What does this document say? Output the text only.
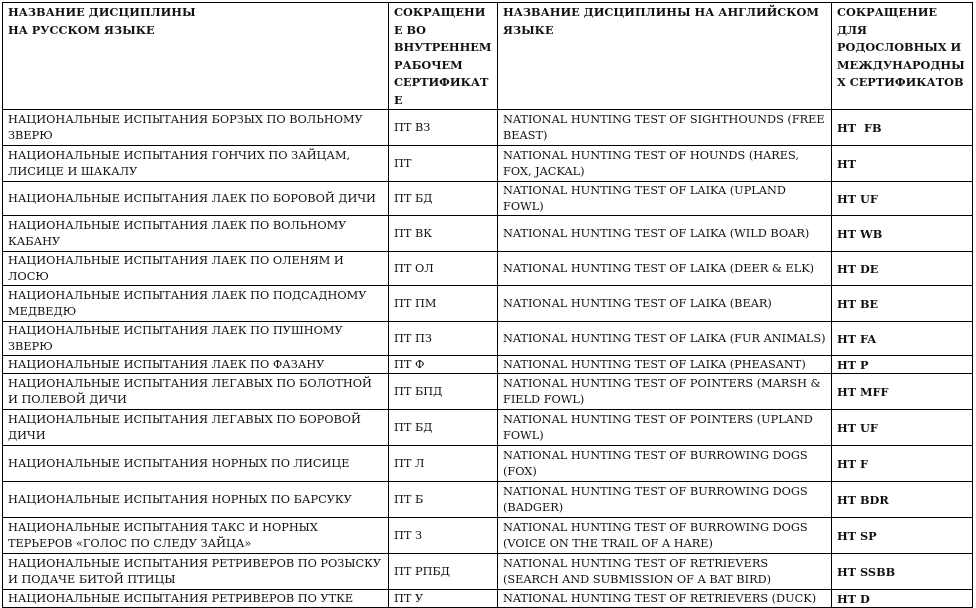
НАЗВАНИЕ ДИСЦИПЛИНЫ
НА РУССКОМ ЯЗЫКЕ	СОКРАЩЕНИЕ ВО ВНУТРЕННЕМ РАБОЧЕМ СЕРТИФИКАТЕ	НАЗВАНИЕ ДИСЦИПЛИНЫ НА АНГЛИЙСКОМ ЯЗЫКЕ	СОКРАЩЕНИЕ ДЛЯ РОДОСЛОВНЫХ И МЕЖДУНАРОДНЫХ СЕРТИФИКАТОВ
НАЦИОНАЛЬНЫЕ ИСПЫТАНИЯ БОРЗЫХ ПО ВОЛЬНОМУ ЗВЕРЮ	ПТ ВЗ	NATIONAL HUNTING TEST OF SIGHTHOUNDS (FREE BEAST)	HT  FB
НАЦИОНАЛЬНЫЕ ИСПЫТАНИЯ ГОНЧИХ ПО ЗАЙЦАМ, ЛИСИЦЕ И ШАКАЛУ	ПТ	NATIONAL HUNTING TEST OF HOUNDS (HARES, FOX, JACKAL)	HT
НАЦИОНАЛЬНЫЕ ИСПЫТАНИЯ ЛАЕК ПО БОРОВОЙ ДИЧИ	ПТ БД	NATIONAL HUNTING TEST OF LAIKA (UPLAND FOWL)	HT UF
НАЦИОНАЛЬНЫЕ ИСПЫТАНИЯ ЛАЕК ПО ВОЛЬНОМУ КАБАНУ	ПТ ВК	NATIONAL HUNTING TEST OF LAIKA (WILD BOAR)	HT WB
НАЦИОНАЛЬНЫЕ ИСПЫТАНИЯ ЛАЕК ПО ОЛЕНЯМ И ЛОСЮ	ПТ ОЛ	NATIONAL HUNTING TEST OF LAIKA (DEER & ELK)	HT DE
НАЦИОНАЛЬНЫЕ ИСПЫТАНИЯ ЛАЕК ПО ПОДСАДНОМУ МЕДВЕДЮ	ПТ ПМ	NATIONAL HUNTING TEST OF LAIKA (BEAR)	HT BE
НАЦИОНАЛЬНЫЕ ИСПЫТАНИЯ ЛАЕК ПО ПУШНОМУ ЗВЕРЮ	ПТ ПЗ	NATIONAL HUNTING TEST OF LAIKA (FUR ANIMALS)	HT FA
НАЦИОНАЛЬНЫЕ ИСПЫТАНИЯ ЛАЕК ПО ФАЗАНУ	ПТ Ф	NATIONAL HUNTING TEST OF LAIKA (PHEASANT)	HT P
НАЦИОНАЛЬНЫЕ ИСПЫТАНИЯ ЛЕГАВЫХ ПО БОЛОТНОЙ И ПОЛЕВОЙ ДИЧИ	ПТ БПД	NATIONAL HUNTING TEST OF POINTERS (MARSH & FIELD FOWL)	HT MFF
НАЦИОНАЛЬНЫЕ ИСПЫТАНИЯ ЛЕГАВЫХ ПО БОРОВОЙ ДИЧИ	ПТ БД	NATIONAL HUNTING TEST OF POINTERS (UPLAND FOWL)	HT UF
НАЦИОНАЛЬНЫЕ ИСПЫТАНИЯ НОРНЫХ ПО ЛИСИЦЕ	ПТ Л	NATIONAL HUNTING TEST OF BURROWING DOGS (FOX)	HT F
НАЦИОНАЛЬНЫЕ ИСПЫТАНИЯ НОРНЫХ ПО БАРСУКУ	ПТ Б	NATIONAL HUNTING TEST OF BURROWING DOGS (BADGER)	HT BDR
НАЦИОНАЛЬНЫЕ ИСПЫТАНИЯ ТАКС И НОРНЫХ ТЕРЬЕРОВ «ГОЛОС ПО СЛЕДУ ЗАЙЦА»	ПТ З	NATIONAL HUNTING TEST OF BURROWING DOGS (VOICE ON THE TRAIL OF A HARE)	HT SP
НАЦИОНАЛЬНЫЕ ИСПЫТАНИЯ РЕТРИВЕРОВ ПО РОЗЫСКУ И ПОДАЧЕ БИТОЙ ПТИЦЫ	ПТ РПБД	NATIONAL HUNTING TEST OF RETRIEVERS (SEARCH AND SUBMISSION OF A BAT BIRD)	HT SSBB
НАЦИОНАЛЬНЫЕ ИСПЫТАНИЯ РЕТРИВЕРОВ ПО УТКЕ	ПТ У	NATIONAL HUNTING TEST OF RETRIEVERS (DUCK)	HT D
